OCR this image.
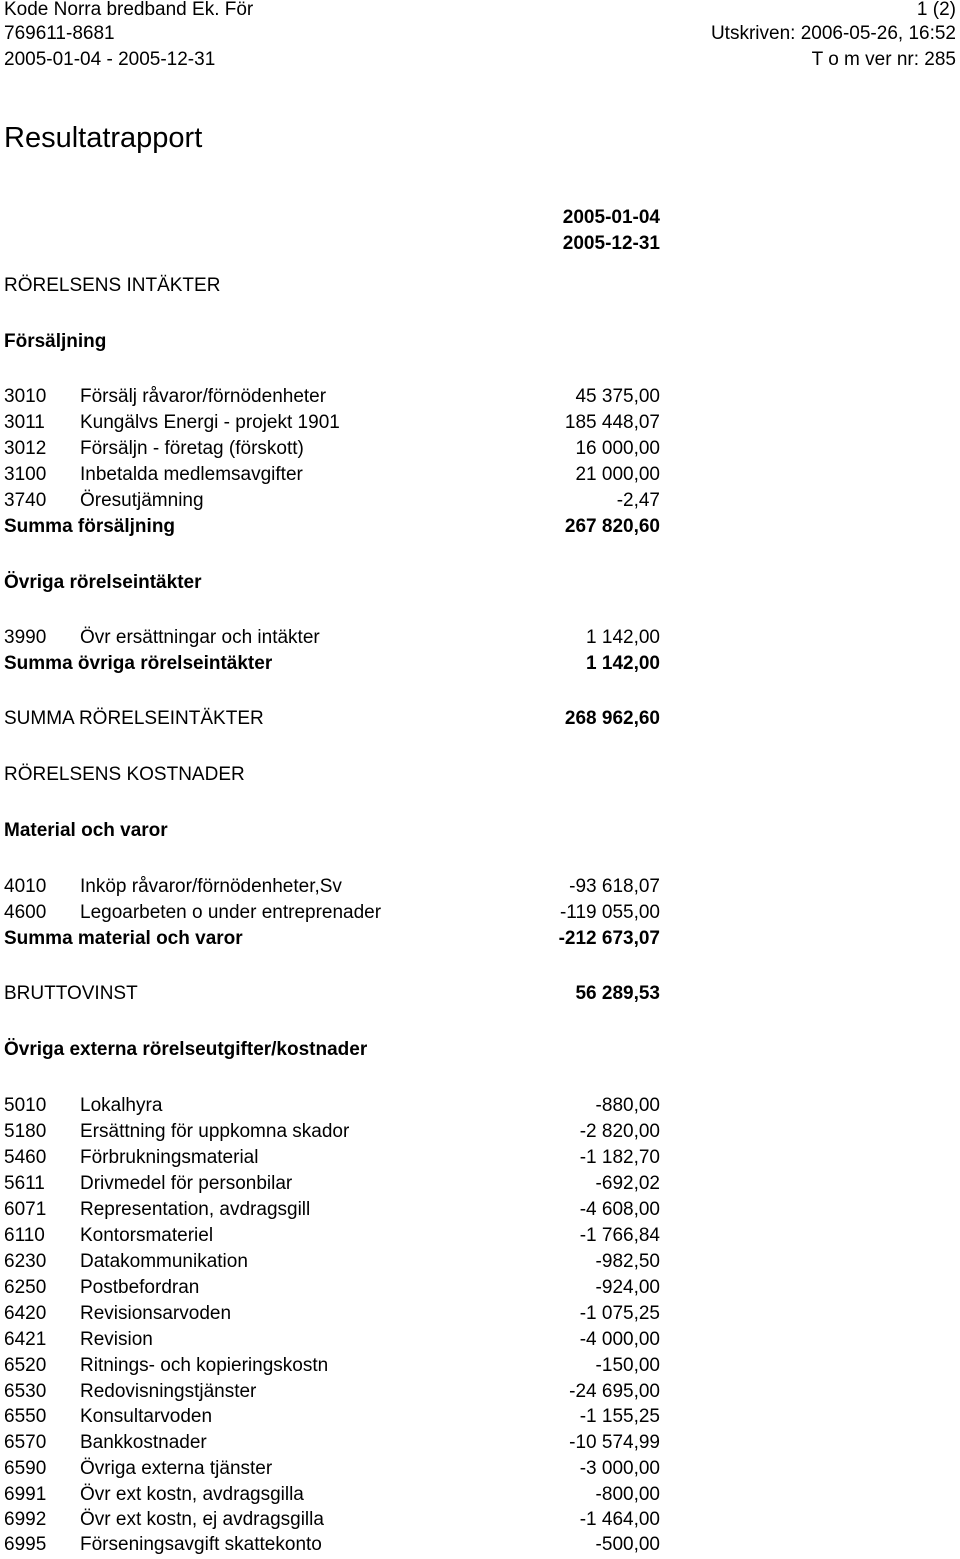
Kode Norra bredband Ek. För	1 (2)
769611-8681	Utskriven: 2006-05-26, 16:52
2005-01-04 - 2005-12-31	T o m ver nr: 285
Resultatrapport
2005-01-04
2005-12-31
RÖRELSENS INTÄKTER
Försäljning
3010 Försälj råvaror/förnödenheter	45 375,00
3011 Kungälvs Energi - projekt 1901	185 448,07
3012 Försäljn - företag (förskott)	16 000,00
3100 Inbetalda medlemsavgifter	21 000,00
3740 Öresutjämning	-2,47
Summa försäljning	267 820,60
Övriga rörelseintäkter
3990 Övr ersättningar och intäkter	1 142,00
Summa övriga rörelseintäkter	1 142,00
SUMMA RÖRELSEINTÄKTER	268 962,60
RÖRELSENS KOSTNADER
Material och varor
4010 Inköp råvaror/förnödenheter,Sv	-93 618,07
4600 Legoarbeten o under entreprenader	-119 055,00
Summa material och varor	-212 673,07
BRUTTOVINST	56 289,53
Övriga externa rörelseutgifter/kostnader
5010 Lokalhyra	-880,00
5180 Ersättning för uppkomna skador	-2 820,00
5460 Förbrukningsmaterial	-1 182,70
5611 Drivmedel för personbilar	-692,02
6071 Representation, avdragsgill	-4 608,00
6110 Kontorsmateriel	-1 766,84
6230 Datakommunikation	-982,50
6250 Postbefordran	-924,00
6420 Revisionsarvoden	-1 075,25
6421 Revision	-4 000,00
6520 Ritnings- och kopieringskostn	-150,00
6530 Redovisningstjänster	-24 695,00
6550 Konsultarvoden	-1 155,25
6570 Bankkostnader	-10 574,99
6590 Övriga externa tjänster	-3 000,00
6991 Övr ext kostn, avdragsgilla	-800,00
6992 Övr ext kostn, ej avdragsgilla	-1 464,00
6995 Förseningsavgift skattekonto	-500,00
